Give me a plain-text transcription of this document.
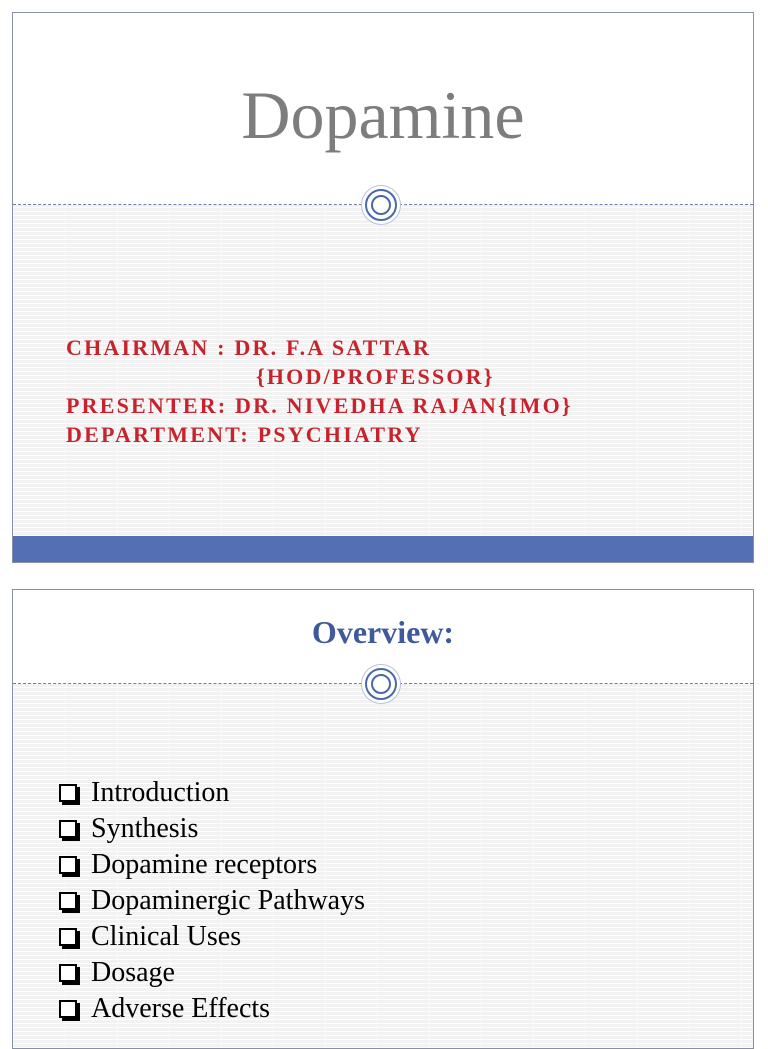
Dopamine
CHAIRMAN : DR. F.A SATTAR
{HOD/PROFESSOR}
PRESENTER: DR. NIVEDHA RAJAN{IMO}
DEPARTMENT: PSYCHIATRY
Overview:
Introduction
Synthesis
Dopamine receptors
Dopaminergic Pathways
Clinical Uses
Dosage
Adverse Effects
